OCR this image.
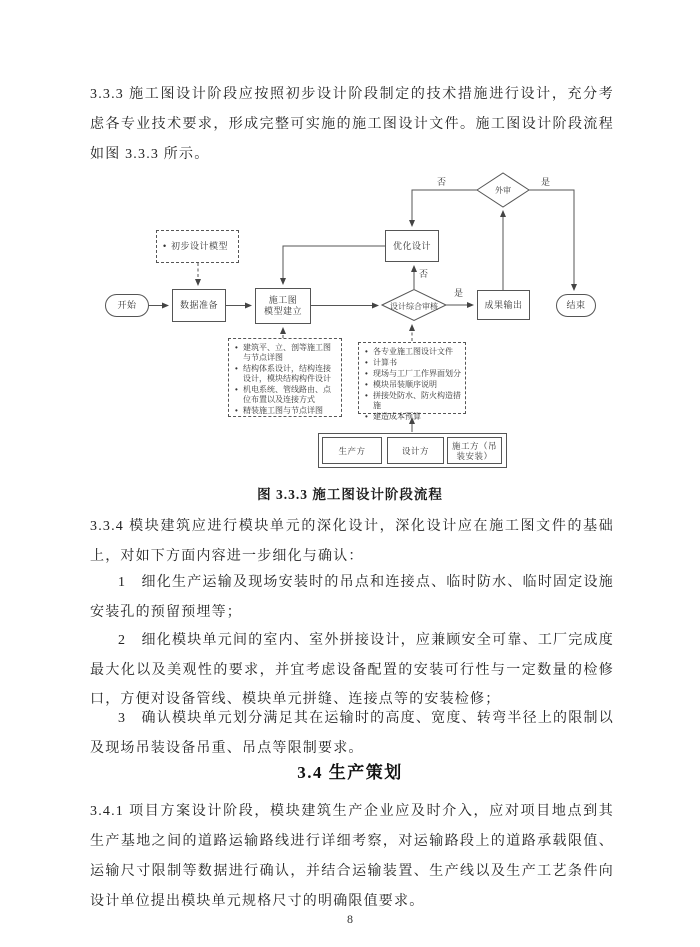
3.3.3 施工图设计阶段应按照初步设计阶段制定的技术措施进行设计，充分考虑各专业技术要求，形成完整可实施的施工图设计文件。施工图设计阶段流程如图 3.3.3 所示。
开始	数据准备	施工图
模型建立
优化设计
成果输出	结束
外审
设计综合审核
否	是
否
是
• 初步设计模型
• 建筑平、立、剖等施工图与节点详图
• 结构体系设计，结构连接设计，模块结构构件设计
• 机电系统、管线路由、点位布置以及连接方式
• 精装施工图与节点详图
• 各专业施工图设计文件
• 计算书
• 现场与工厂工作界面划分
• 模块吊装顺序说明
• 拼接处防水、防火构造措施
• 建造成本预算
生产方	设计方	施工方（吊装安装）
图 3.3.3 施工图设计阶段流程
3.3.4 模块建筑应进行模块单元的深化设计，深化设计应在施工图文件的基础上，对如下方面内容进一步细化与确认：
1　细化生产运输及现场安装时的吊点和连接点、临时防水、临时固定设施安装孔的预留预埋等；
2　细化模块单元间的室内、室外拼接设计，应兼顾安全可靠、工厂完成度最大化以及美观性的要求，并宜考虑设备配置的安装可行性与一定数量的检修口，方便对设备管线、模块单元拼缝、连接点等的安装检修；
3　确认模块单元划分满足其在运输时的高度、宽度、转弯半径上的限制以及现场吊装设备吊重、吊点等限制要求。
3.4 生产策划
3.4.1 项目方案设计阶段，模块建筑生产企业应及时介入，应对项目地点到其生产基地之间的道路运输路线进行详细考察，对运输路段上的道路承载限值、运输尺寸限制等数据进行确认，并结合运输装置、生产线以及生产工艺条件向设计单位提出模块单元规格尺寸的明确限值要求。
8
